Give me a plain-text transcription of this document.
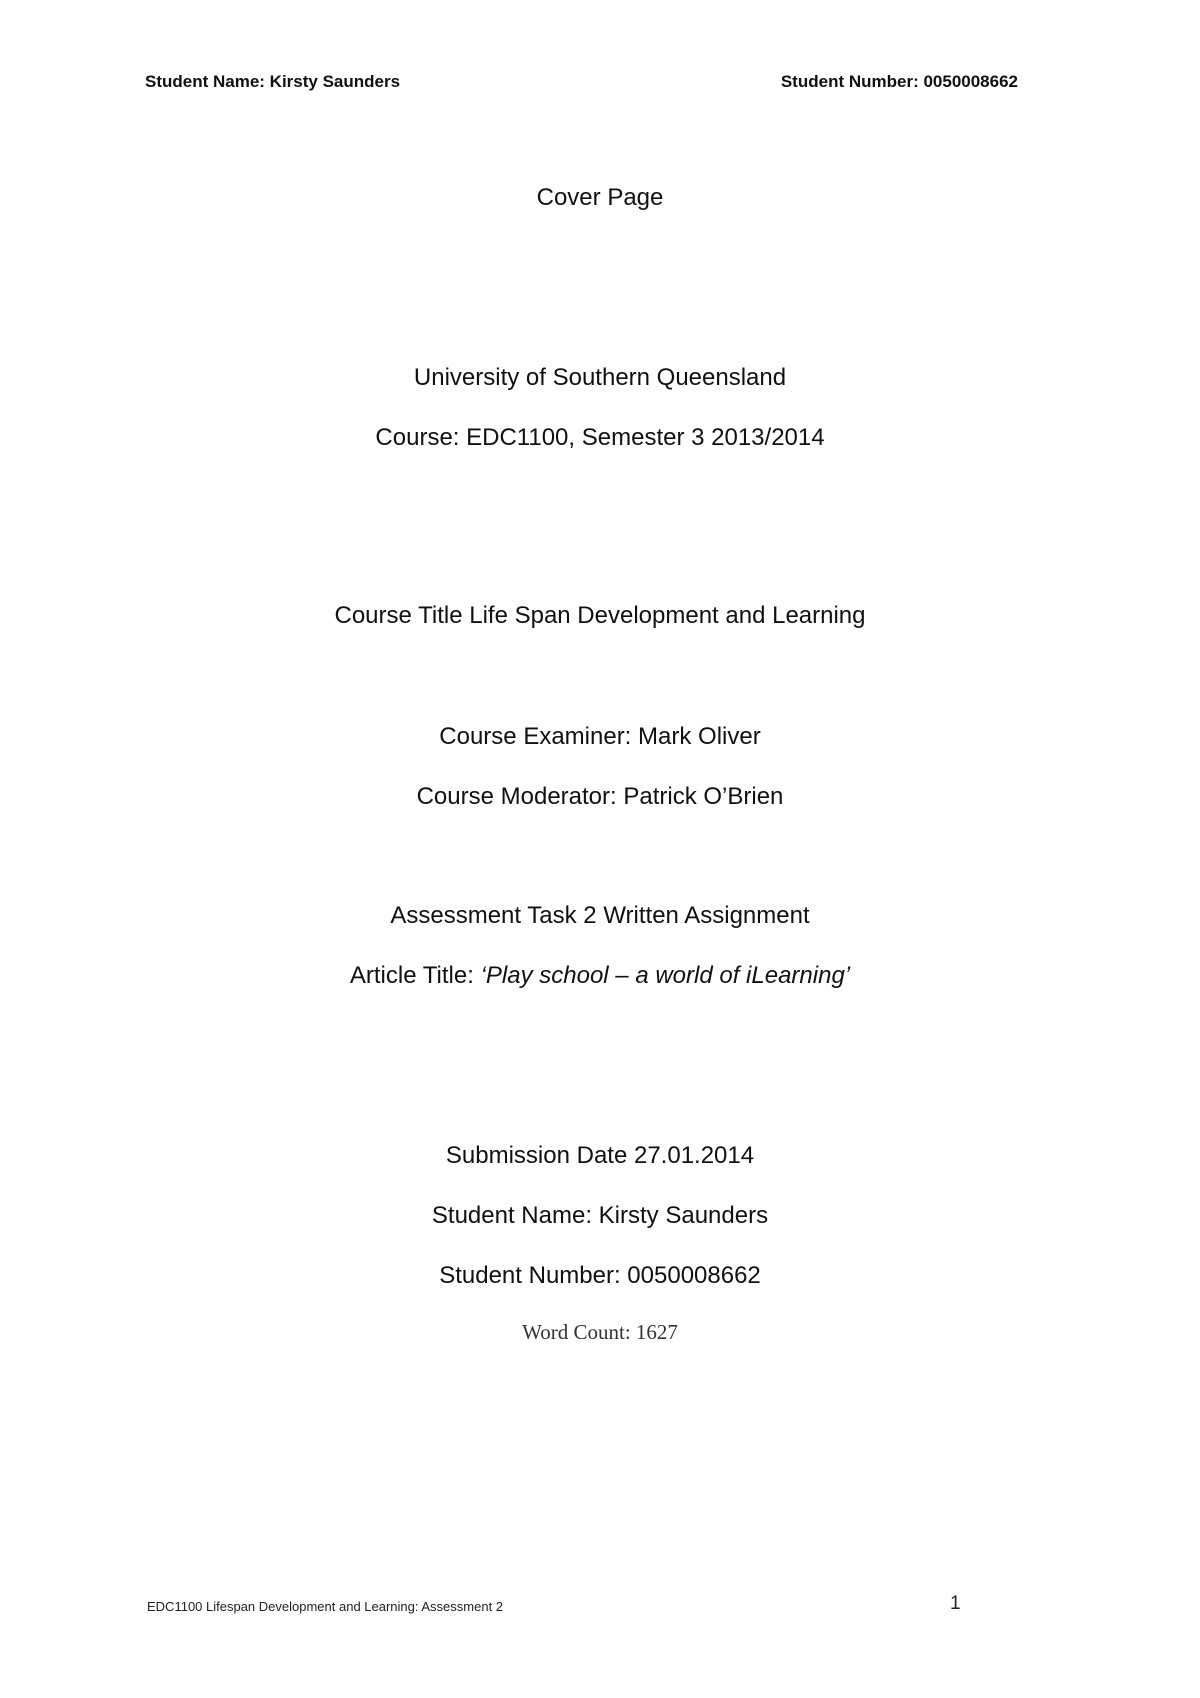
Student Name: Kirsty Saunders	Student Number: 0050008662
Cover Page
University of Southern Queensland
Course: EDC1100, Semester 3 2013/2014
Course Title Life Span Development and Learning
Course Examiner: Mark Oliver
Course Moderator: Patrick O’Brien
Assessment Task 2 Written Assignment
Article Title: ‘Play school – a world of iLearning’
Submission Date 27.01.2014
Student Name: Kirsty Saunders
Student Number: 0050008662
Word Count: 1627
EDC1100 Lifespan Development and Learning: Assessment 2	1
